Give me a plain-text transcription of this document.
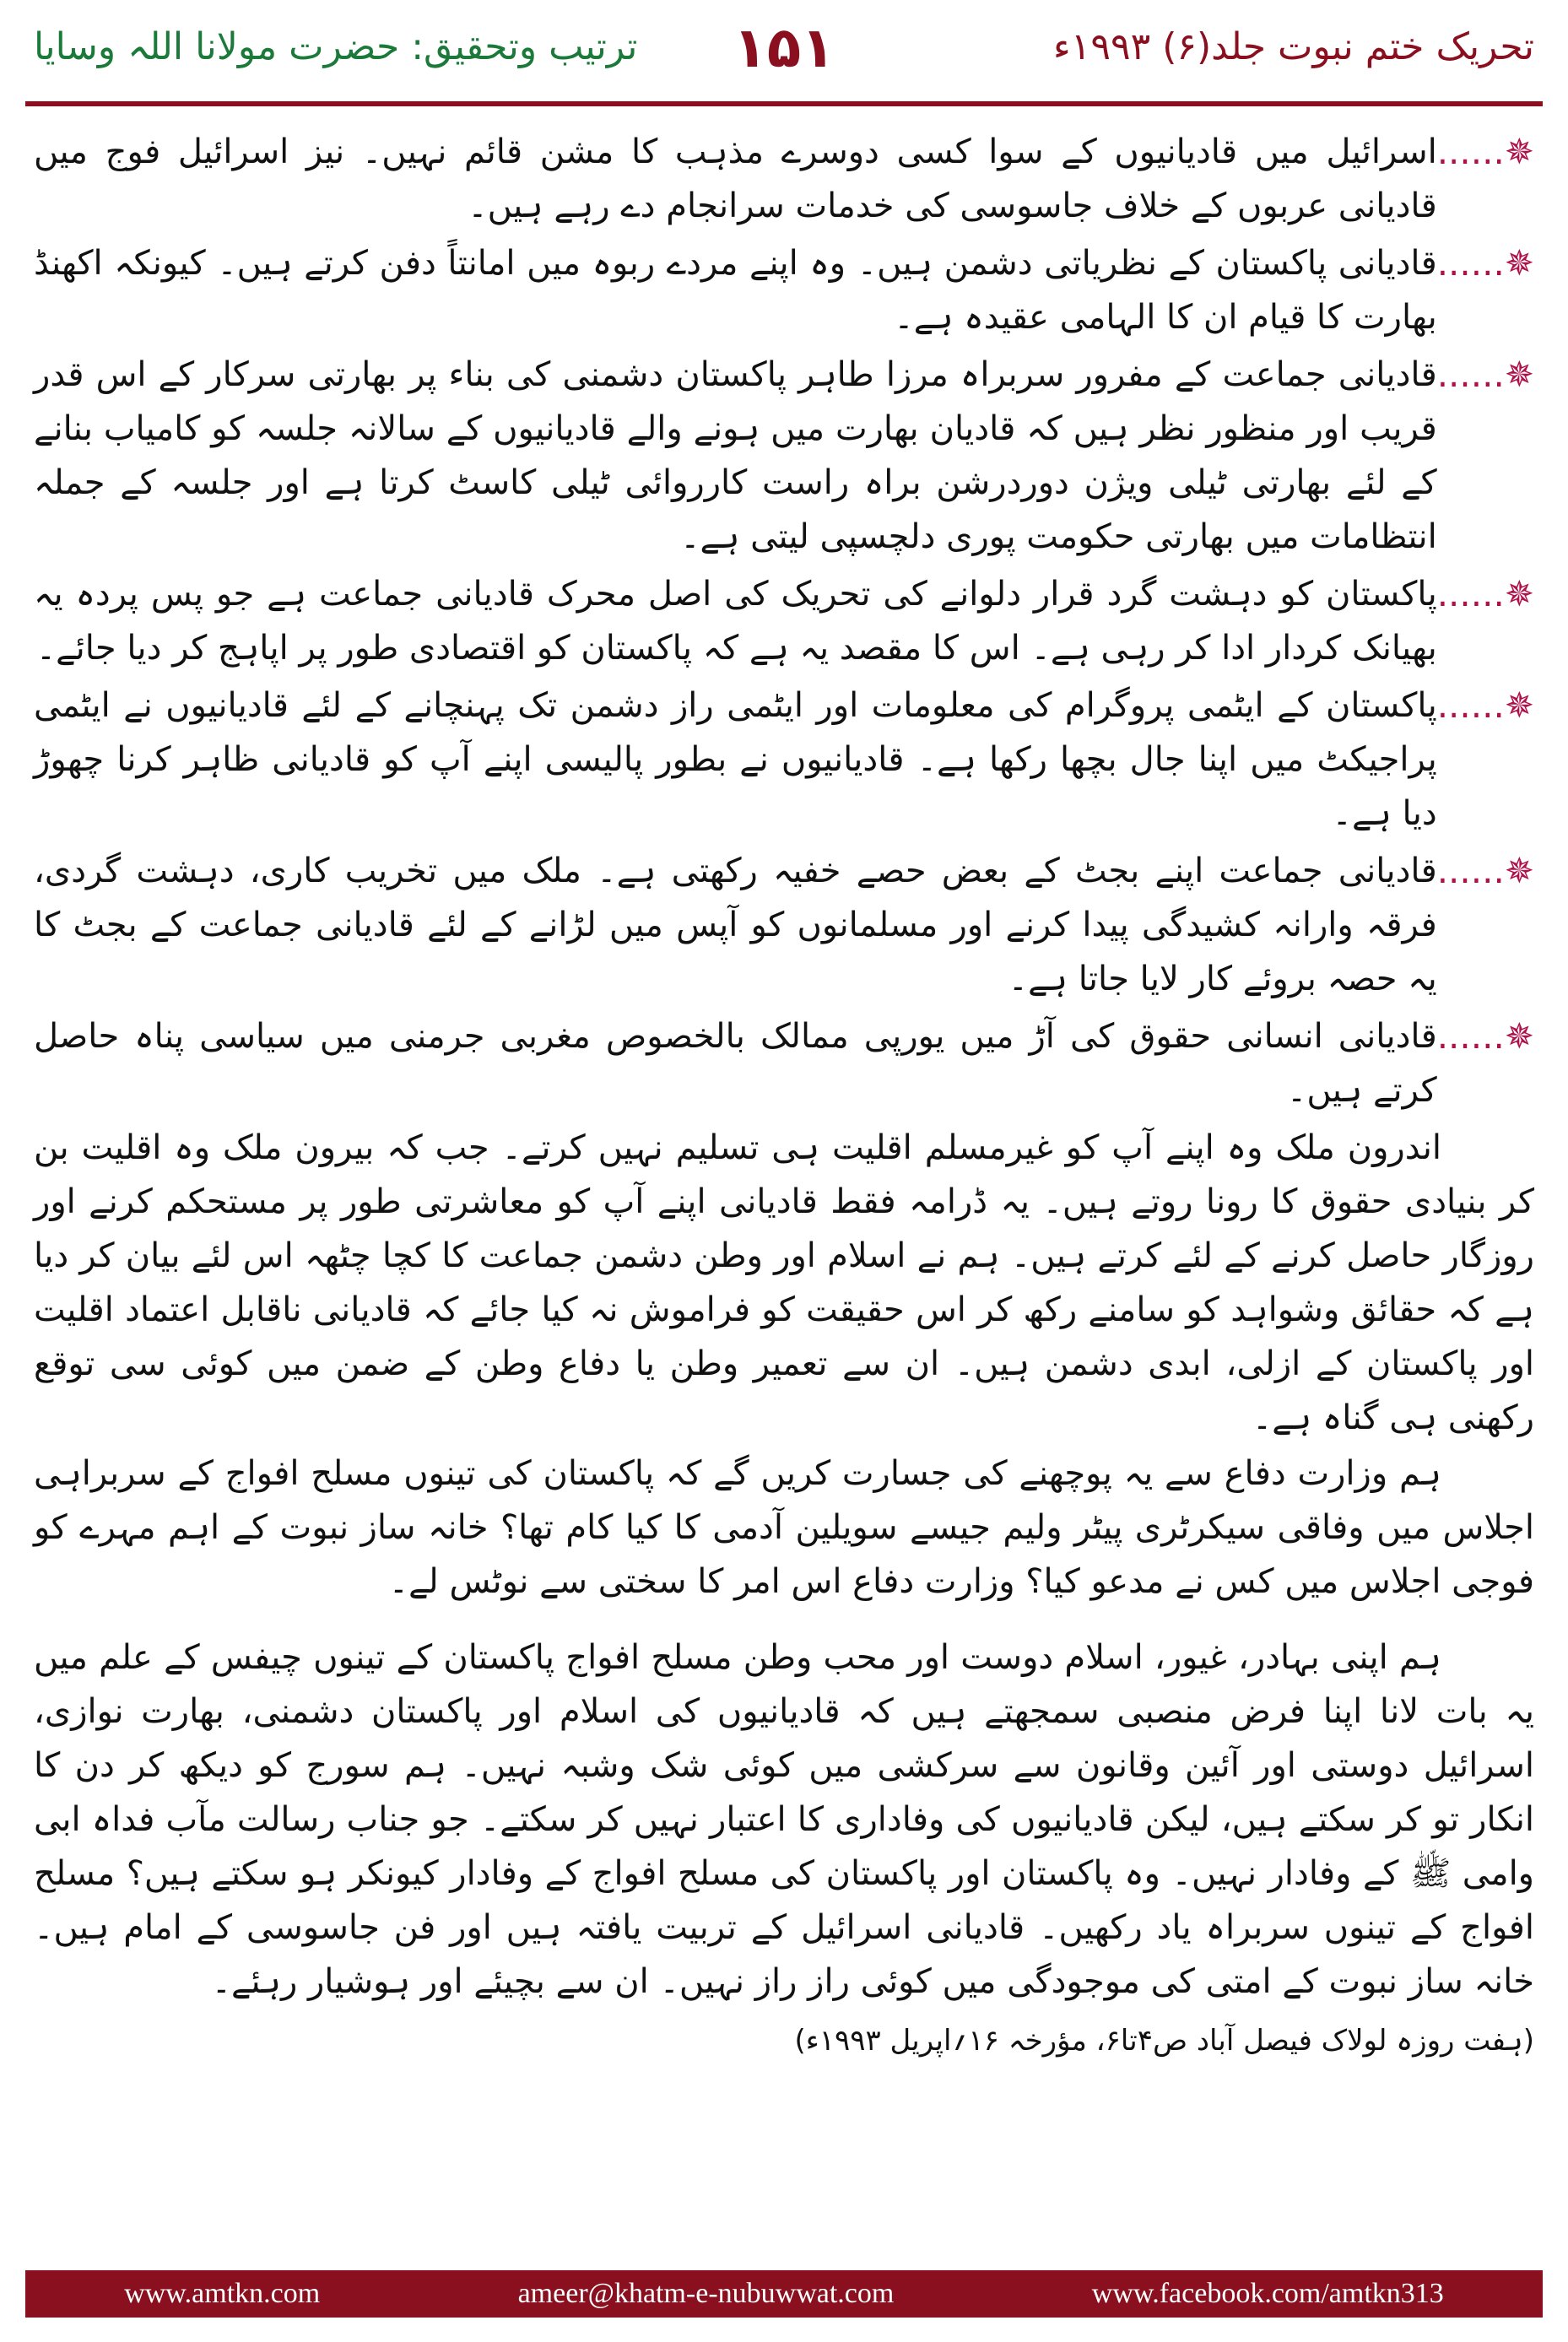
ترتیب وتحقیق: حضرت مولانا اللہ وسایا	۱۵۱	تحریک ختم نبوت جلد(۶) ۱۹۹۳ء
✵......
اسرائیل میں قادیانیوں کے سوا کسی دوسرے مذہب کا مشن قائم نہیں۔ نیز اسرائیل فوج میں قادیانی عربوں کے خلاف جاسوسی کی خدمات سرانجام دے رہے ہیں۔
✵......
قادیانی پاکستان کے نظریاتی دشمن ہیں۔ وہ اپنے مردے ربوہ میں امانتاً دفن کرتے ہیں۔ کیونکہ اکھنڈ بھارت کا قیام ان کا الہامی عقیدہ ہے۔
✵......
قادیانی جماعت کے مفرور سربراہ مرزا طاہر پاکستان دشمنی کی بناء پر بھارتی سرکار کے اس قدر قریب اور منظور نظر ہیں کہ قادیان بھارت میں ہونے والے قادیانیوں کے سالانہ جلسہ کو کامیاب بنانے کے لئے بھارتی ٹیلی ویژن دوردرشن براہ راست کارروائی ٹیلی کاسٹ کرتا ہے اور جلسہ کے جملہ انتظامات میں بھارتی حکومت پوری دلچسپی لیتی ہے۔
✵......
پاکستان کو دہشت گرد قرار دلوانے کی تحریک کی اصل محرک قادیانی جماعت ہے جو پس پردہ یہ بھیانک کردار ادا کر رہی ہے۔ اس کا مقصد یہ ہے کہ پاکستان کو اقتصادی طور پر اپاہج کر دیا جائے۔
✵......
پاکستان کے ایٹمی پروگرام کی معلومات اور ایٹمی راز دشمن تک پہنچانے کے لئے قادیانیوں نے ایٹمی پراجیکٹ میں اپنا جال بچھا رکھا ہے۔ قادیانیوں نے بطور پالیسی اپنے آپ کو قادیانی ظاہر کرنا چھوڑ دیا ہے۔
✵......
قادیانی جماعت اپنے بجٹ کے بعض حصے خفیہ رکھتی ہے۔ ملک میں تخریب کاری، دہشت گردی، فرقہ وارانہ کشیدگی پیدا کرنے اور مسلمانوں کو آپس میں لڑانے کے لئے قادیانی جماعت کے بجٹ کا یہ حصہ بروئے کار لایا جاتا ہے۔
✵......
قادیانی انسانی حقوق کی آڑ میں یورپی ممالک بالخصوص مغربی جرمنی میں سیاسی پناہ حاصل کرتے ہیں۔

اندرون ملک وہ اپنے آپ کو غیرمسلم اقلیت ہی تسلیم نہیں کرتے۔ جب کہ بیرون ملک وہ اقلیت بن کر بنیادی حقوق کا رونا روتے ہیں۔ یہ ڈرامہ فقط قادیانی اپنے آپ کو معاشرتی طور پر مستحکم کرنے اور روزگار حاصل کرنے کے لئے کرتے ہیں۔ ہم نے اسلام اور وطن دشمن جماعت کا کچا چٹھہ اس لئے بیان کر دیا ہے کہ حقائق وشواہد کو سامنے رکھ کر اس حقیقت کو فراموش نہ کیا جائے کہ قادیانی ناقابل اعتماد اقلیت اور پاکستان کے ازلی، ابدی دشمن ہیں۔ ان سے تعمیر وطن یا دفاع وطن کے ضمن میں کوئی سی توقع رکھنی ہی گناہ ہے۔

ہم وزارت دفاع سے یہ پوچھنے کی جسارت کریں گے کہ پاکستان کی تینوں مسلح افواج کے سربراہی اجلاس میں وفاقی سیکرٹری پیٹر ولیم جیسے سویلین آدمی کا کیا کام تھا؟ خانہ ساز نبوت کے اہم مہرے کو فوجی اجلاس میں کس نے مدعو کیا؟ وزارت دفاع اس امر کا سختی سے نوٹس لے۔

ہم اپنی بہادر، غیور، اسلام دوست اور محب وطن مسلح افواج پاکستان کے تینوں چیفس کے علم میں یہ بات لانا اپنا فرض منصبی سمجھتے ہیں کہ قادیانیوں کی اسلام اور پاکستان دشمنی، بھارت نوازی، اسرائیل دوستی اور آئین وقانون سے سرکشی میں کوئی شک وشبہ نہیں۔ ہم سورج کو دیکھ کر دن کا انکار تو کر سکتے ہیں، لیکن قادیانیوں کی وفاداری کا اعتبار نہیں کر سکتے۔ جو جناب رسالت مآب فداہ ابی وامی ﷺ کے وفادار نہیں۔ وہ پاکستان اور پاکستان کی مسلح افواج کے وفادار کیونکر ہو سکتے ہیں؟ مسلح افواج کے تینوں سربراہ یاد رکھیں۔ قادیانی اسرائیل کے تربیت یافتہ ہیں اور فن جاسوسی کے امام ہیں۔ خانہ ساز نبوت کے امتی کی موجودگی میں کوئی راز راز نہیں۔ ان سے بچیئے اور ہوشیار رہئے۔

(ہفت روزہ لولاک فیصل آباد ص۴تا۶، مؤرخہ ۱۶؍اپریل ۱۹۹۳ء)
www.amtkn.com	ameer@khatm-e-nubuwwat.com	www.facebook.com/amtkn313
